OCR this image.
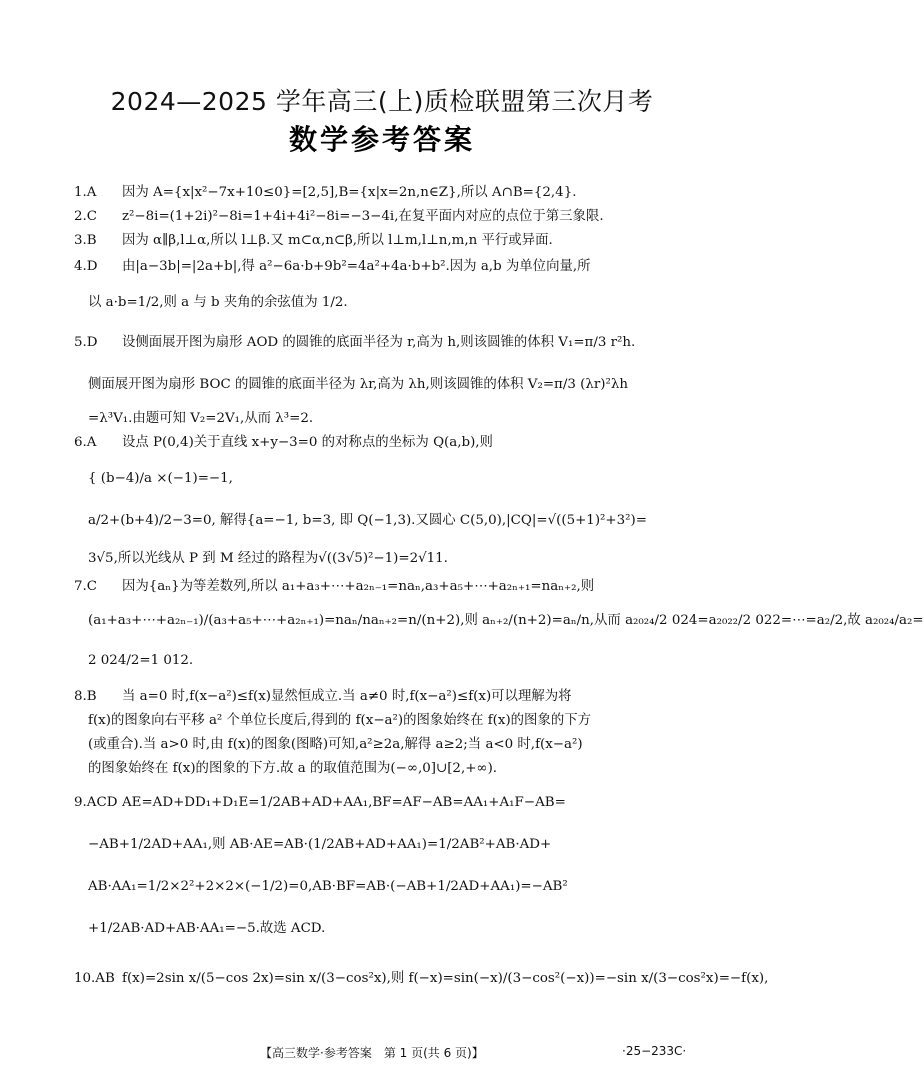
2024—2025 学年高三(上)质检联盟第三次月考
数学参考答案
1.A 因为 A={x|x²−7x+10≤0}=[2,5],B={x|x=2n,n∈Z},所以 A∩B={2,4}.
2.C z²−8i=(1+2i)²−8i=1+4i+4i²−8i=−3−4i,在复平面内对应的点位于第三象限.
3.B 因为 α∥β,l⊥α,所以 l⊥β.又 m⊂α,n⊂β,所以 l⊥m,l⊥n,m,n 平行或异面.
4.D 由|a−3b|=|2a+b|,得 a²−6a·b+9b²=4a²+4a·b+b².因为 a,b 为单位向量,所
以 a·b=1/2,则 a 与 b 夹角的余弦值为 1/2.
5.D 设侧面展开图为扇形 AOD 的圆锥的底面半径为 r,高为 h,则该圆锥的体积 V₁=π/3 r²h.
侧面展开图为扇形 BOC 的圆锥的底面半径为 λr,高为 λh,则该圆锥的体积 V₂=π/3 (λr)²λh
=λ³V₁.由题可知 V₂=2V₁,从而 λ³=2.
6.A 设点 P(0,4)关于直线 x+y−3=0 的对称点的坐标为 Q(a,b),则
{ (b−4)/a ×(−1)=−1,
a/2+(b+4)/2−3=0, 解得{a=−1, b=3, 即 Q(−1,3).又圆心 C(5,0),|CQ|=√((5+1)²+3²)=
3√5,所以光线从 P 到 M 经过的路程为√((3√5)²−1)=2√11.
7.C 因为{aₙ}为等差数列,所以 a₁+a₃+⋯+a₂ₙ₋₁=naₙ,a₃+a₅+⋯+a₂ₙ₊₁=naₙ₊₂,则
(a₁+a₃+⋯+a₂ₙ₋₁)/(a₃+a₅+⋯+a₂ₙ₊₁)=naₙ/naₙ₊₂=n/(n+2),则 aₙ₊₂/(n+2)=aₙ/n,从而 a₂₀₂₄/2 024=a₂₀₂₂/2 022=⋯=a₂/2,故 a₂₀₂₄/a₂=
2 024/2=1 012.
8.B 当 a=0 时,f(x−a²)≤f(x)显然恒成立.当 a≠0 时,f(x−a²)≤f(x)可以理解为将
f(x)的图象向右平移 a² 个单位长度后,得到的 f(x−a²)的图象始终在 f(x)的图象的下方
(或重合).当 a>0 时,由 f(x)的图象(图略)可知,a²≥2a,解得 a≥2;当 a<0 时,f(x−a²)
的图象始终在 f(x)的图象的下方.故 a 的取值范围为(−∞,0]∪[2,+∞).
9.ACD AE=AD+DD₁+D₁E=1/2AB+AD+AA₁,BF=AF−AB=AA₁+A₁F−AB=
−AB+1/2AD+AA₁,则 AB·AE=AB·(1/2AB+AD+AA₁)=1/2AB²+AB·AD+
AB·AA₁=1/2×2²+2×2×(−1/2)=0,AB·BF=AB·(−AB+1/2AD+AA₁)=−AB²
+1/2AB·AD+AB·AA₁=−5.故选 ACD.
10.AB f(x)=2sin x/(5−cos 2x)=sin x/(3−cos²x),则 f(−x)=sin(−x)/(3−cos²(−x))=−sin x/(3−cos²x)=−f(x),
【高三数学·参考答案　第 1 页(共 6 页)】	·25−233C·
